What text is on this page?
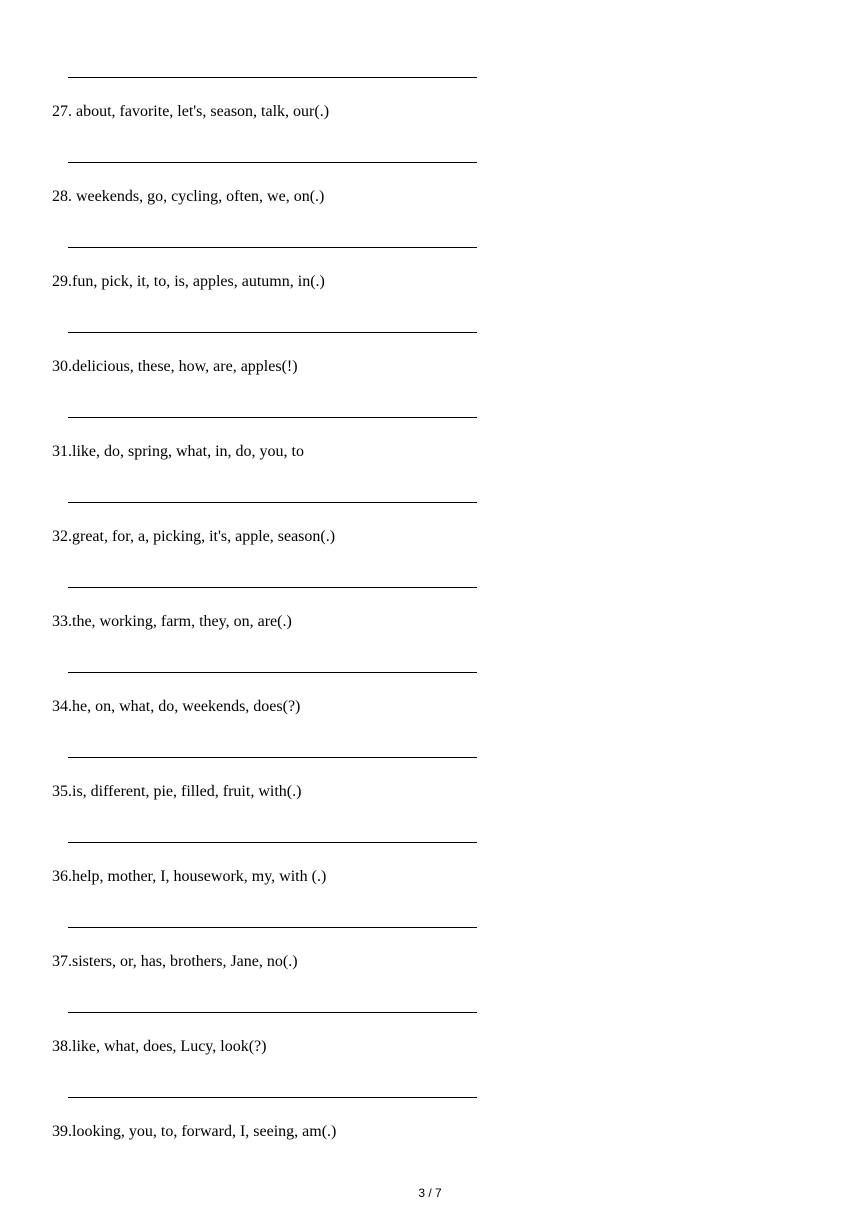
27. about, favorite, let's, season, talk, our(.)
28. weekends, go, cycling, often, we, on(.)
29.fun, pick, it, to, is, apples, autumn, in(.)
30.delicious, these, how, are, apples(!)
31.like, do, spring, what, in, do, you, to
32.great, for, a, picking, it's, apple, season(.)
33.the, working, farm, they, on, are(.)
34.he, on, what, do, weekends, does(?)
35.is, different, pie, filled, fruit, with(.)
36.help, mother, I, housework, my, with (.)
37.sisters, or, has, brothers, Jane, no(.)
38.like, what, does, Lucy, look(?)
39.looking, you, to, forward, I, seeing, am(.)
3 / 7
